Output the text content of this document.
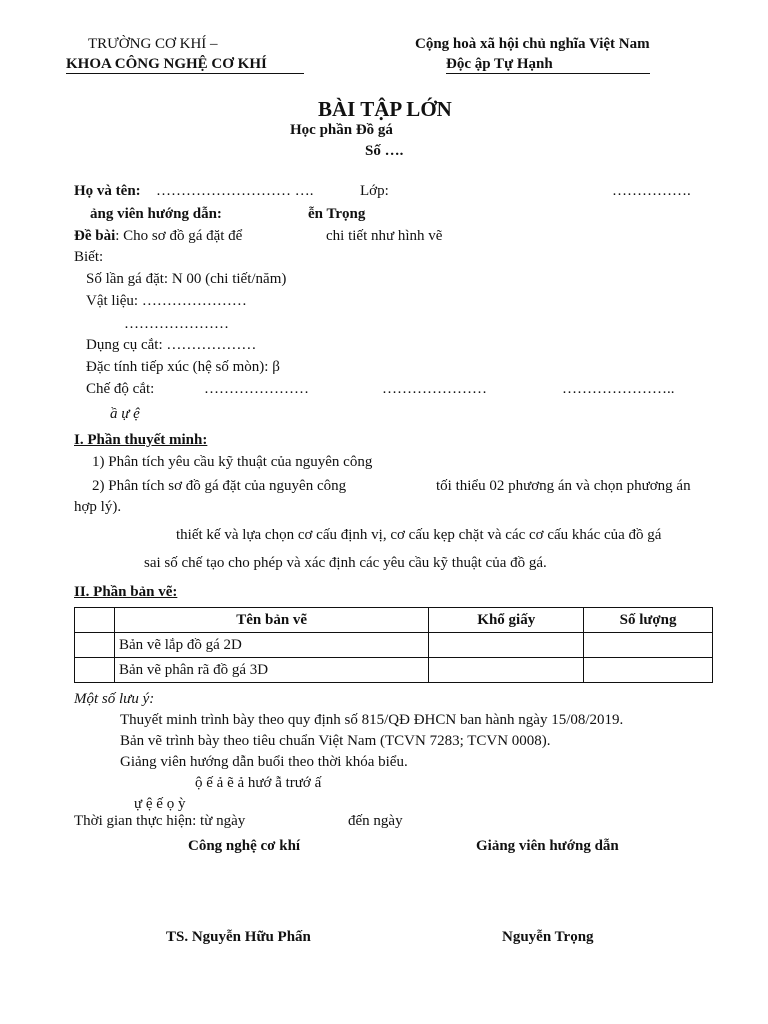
TRƯỜNG CƠ KHÍ –
KHOA CÔNG NGHỆ CƠ KHÍ
Cộng hoà xã hội chủ nghĩa Việt Nam
Độc ập Tự Hạnh
BÀI TẬP LỚN
Học phần Đồ gá
Số ….
Họ và tên: ……………………… ….	Lớp:	…………….
ảng viên hướng dẫn:	ễn Trọng
Đề bài: Cho sơ đồ gá đặt để	chi tiết như hình vẽ
Biết:
Số lần gá đặt: N 00 (chi tiết/năm)
Vật liệu: …………………
…………………
Dụng cụ cắt: ………………
Đặc tính tiếp xúc (hệ số mòn): β
Chế độ cắt:	…………………	…………………	…………………..
ầ ự ệ
I. Phần thuyết minh:
1) Phân tích yêu cầu kỹ thuật của nguyên công
2) Phân tích sơ đồ gá đặt của nguyên công	tối thiểu 02 phương án và chọn phương án
hợp lý).
thiết kế và lựa chọn cơ cấu định vị, cơ cấu kẹp chặt và các cơ cấu khác của đồ gá
sai số chế tạo cho phép và xác định các yêu cầu kỹ thuật của đồ gá.
II. Phần bản vẽ:
	Tên bản vẽ	Khổ giấy	Số lượng
	Bản vẽ lắp đồ gá 2D		
	Bản vẽ phân rã đồ gá 3D		
Một số lưu ý:
Thuyết minh trình bày theo quy định số 815/QĐ ĐHCN ban hành ngày 15/08/2019.
Bản vẽ trình bày theo tiêu chuẩn Việt Nam (TCVN 7283; TCVN 0008).
Giảng viên hướng dẫn buổi theo thời khóa biểu.
ộ ế ả ẽ ả hướ ẫ trướ ấ
ự ệ ế ọ ỳ
Thời gian thực hiện: từ ngày	đến ngày
Công nghệ cơ khí	Giảng viên hướng dẫn
TS. Nguyễn Hữu Phấn	Nguyễn Trọng
